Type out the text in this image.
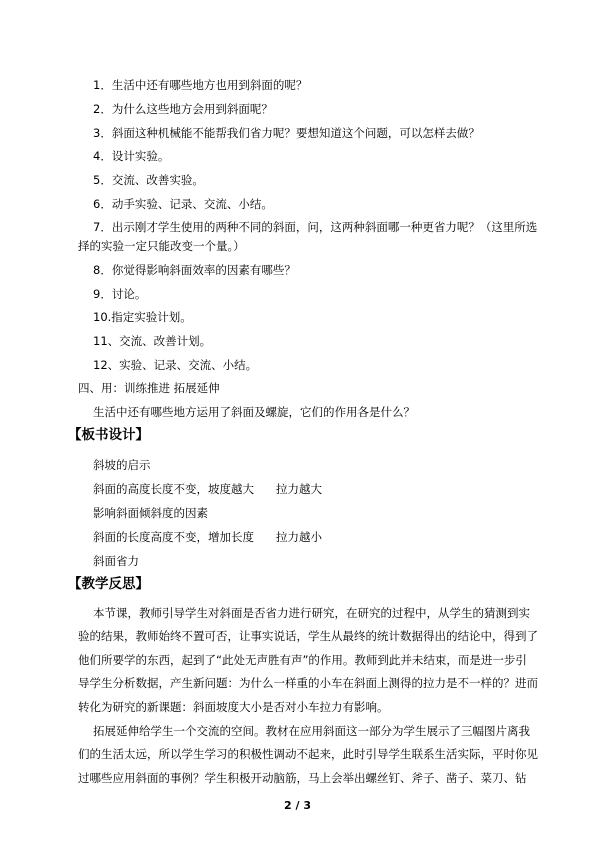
1．生活中还有哪些地方也用到斜面的呢？
2．为什么这些地方会用到斜面呢？
3．斜面这种机械能不能帮我们省力呢？要想知道这个问题，可以怎样去做？
4．设计实验。
5．交流、改善实验。
6．动手实验、记录、交流、小结。
7．出示刚才学生使用的两种不同的斜面，问，这两种斜面哪一种更省力呢？（这里所选
择的实验一定只能改变一个量。）
8．你觉得影响斜面效率的因素有哪些？
9．讨论。
10.指定实验计划。
11、交流、改善计划。
12、实验、记录、交流、小结。
四、用：训练推进 拓展延伸
生活中还有哪些地方运用了斜面及螺旋，它们的作用各是什么？
【板书设计】
斜坡的启示
斜面的高度长度不变，坡度越大 拉力越大
影响斜面倾斜度的因素
斜面的长度高度不变，增加长度 拉力越小
斜面省力
【教学反思】
本节课，教师引导学生对斜面是否省力进行研究，在研究的过程中，从学生的猜测到实
验的结果，教师始终不置可否，让事实说话，学生从最终的统计数据得出的结论中，得到了
他们所要学的东西，起到了“此处无声胜有声”的作用。教师到此并未结束，而是进一步引
导学生分析数据，产生新问题：为什么一样重的小车在斜面上测得的拉力是不一样的？进而
转化为研究的新课题：斜面坡度大小是否对小车拉力有影响。
拓展延伸给学生一个交流的空间。教材在应用斜面这一部分为学生展示了三幅图片离我
们的生活太远，所以学生学习的积极性调动不起来，此时引导学生联系生活实际，平时你见
过哪些应用斜面的事例？学生积极开动脑筋，马上会举出螺丝钉、斧子、凿子、菜刀、钻
2 / 3
